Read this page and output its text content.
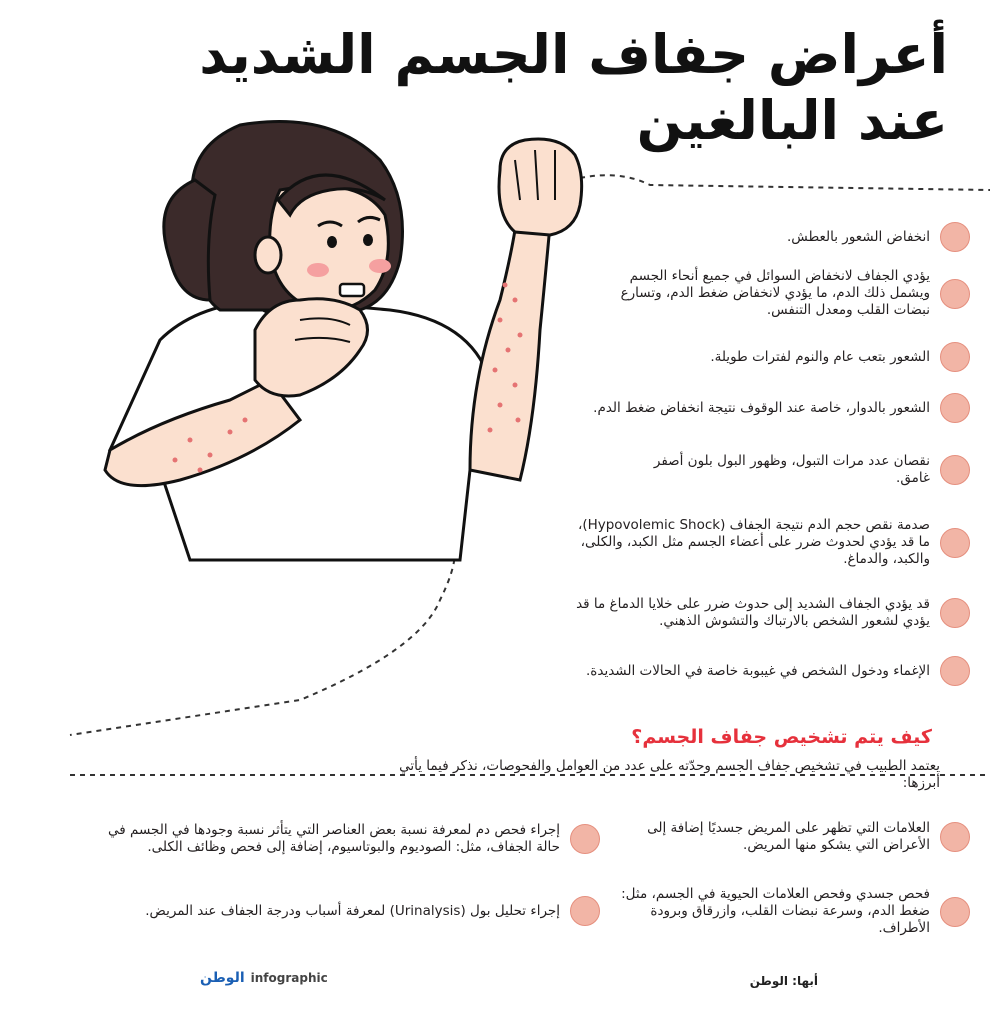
أعراض جفاف الجسم الشديد
عند البالغين
انخفاض الشعور بالعطش.
يؤدي الجفاف لانخفاض السوائل في جميع أنحاء الجسم ويشمل ذلك الدم، ما يؤدي لانخفاض ضغط الدم، وتسارع نبضات القلب ومعدل التنفس.
الشعور بتعب عام والنوم لفترات طويلة.
الشعور بالدوار، خاصة عند الوقوف نتيجة انخفاض ضغط الدم.
نقصان عدد مرات التبول، وظهور البول بلون أصفر غامق.
صدمة نقص حجم الدم نتيجة الجفاف (Hypovolemic Shock)، ما قد يؤدي لحدوث ضرر على أعضاء الجسم مثل الكبد، والكلى، والكبد، والدماغ.
قد يؤدي الجفاف الشديد إلى حدوث ضرر على خلايا الدماغ ما قد يؤدي لشعور الشخص بالارتباك والتشوش الذهني.
الإغماء ودخول الشخص في غيبوبة خاصة في الحالات الشديدة.
كيف يتم تشخيص جفاف الجسم؟

يعتمد الطبيب في تشخيص جفاف الجسم وحدّته على عدد من العوامل والفحوصات، نذكر فيما يأتي أبرزها:

العلامات التي تظهر على المريض جسديًا إضافة إلى الأعراض التي يشكو منها المريض.
فحص جسدي وفحص العلامات الحيوية في الجسم، مثل: ضغط الدم، وسرعة نبضات القلب، وازرقاق وبرودة الأطراف.
إجراء فحص دم لمعرفة نسبة بعض العناصر التي يتأثر نسبة وجودها في الجسم في حالة الجفاف، مثل: الصوديوم والبوتاسيوم، إضافة إلى فحص وظائف الكلى.
إجراء تحليل بول (Urinalysis) لمعرفة أسباب ودرجة الجفاف عند المريض.
أبها: الوطن
الوطن infographic
